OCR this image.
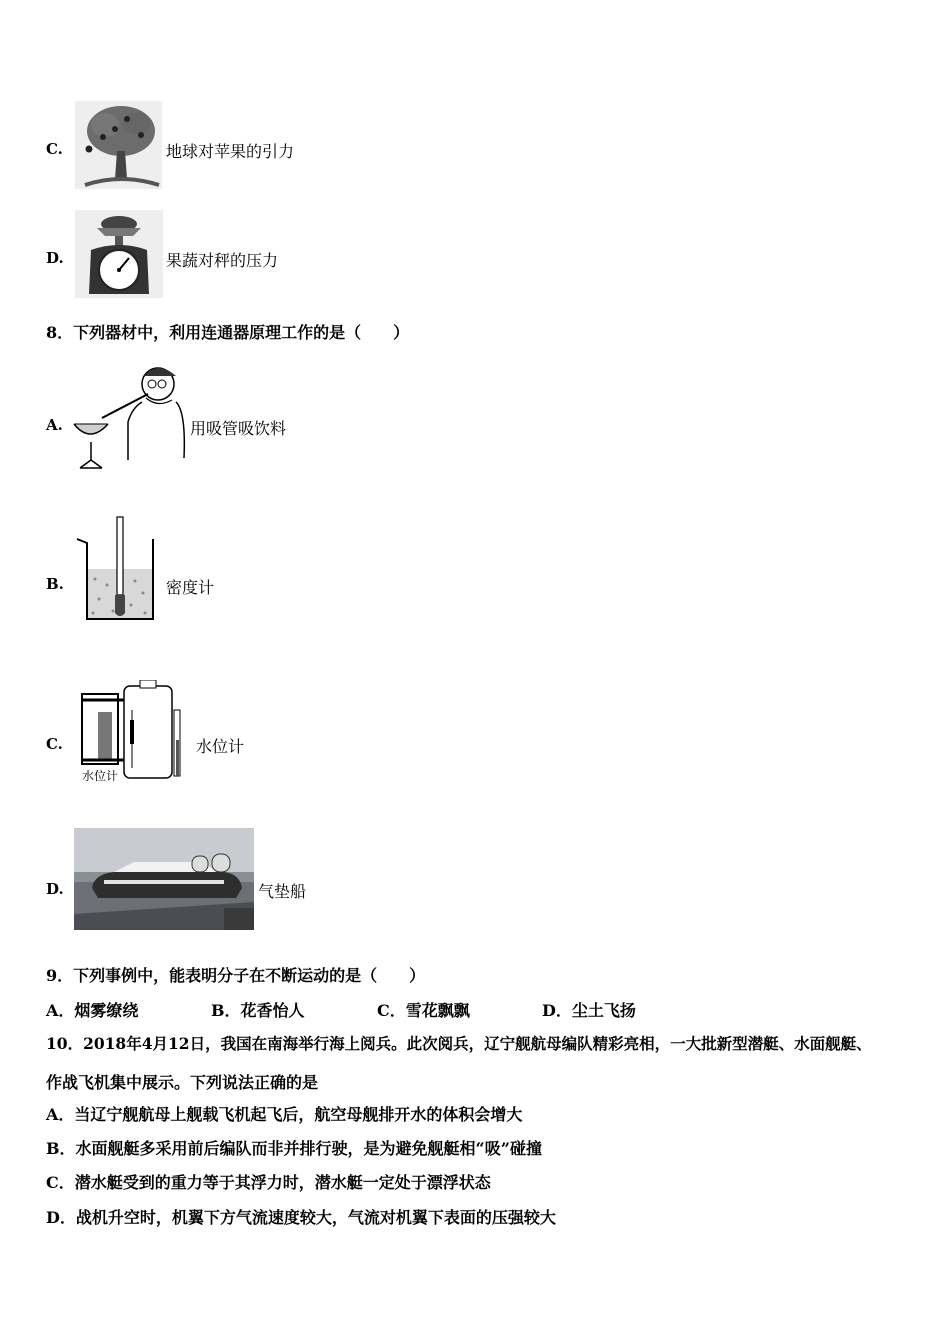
C.	地球对苹果的引力
D.	果蔬对秤的压力
8．下列器材中，利用连通器原理工作的是（　　）
A.	用吸管吸饮料
B.	密度计
C.
水位计
水位计
D.	气垫船
9．下列事例中，能表明分子在不断运动的是（　　）
A．烟雾缭绕	B．花香怡人	C．雪花飘飘	D．尘土飞扬
10．2018年4月12日，我国在南海举行海上阅兵。此次阅兵，辽宁舰航母编队精彩亮相，一大批新型潜艇、水面舰艇、
作战飞机集中展示。下列说法正确的是
A．当辽宁舰航母上舰载飞机起飞后，航空母舰排开水的体积会增大
B．水面舰艇多采用前后编队而非并排行驶，是为避免舰艇相“吸”碰撞
C．潜水艇受到的重力等于其浮力时，潜水艇一定处于漂浮状态
D．战机升空时，机翼下方气流速度较大，气流对机翼下表面的压强较大
